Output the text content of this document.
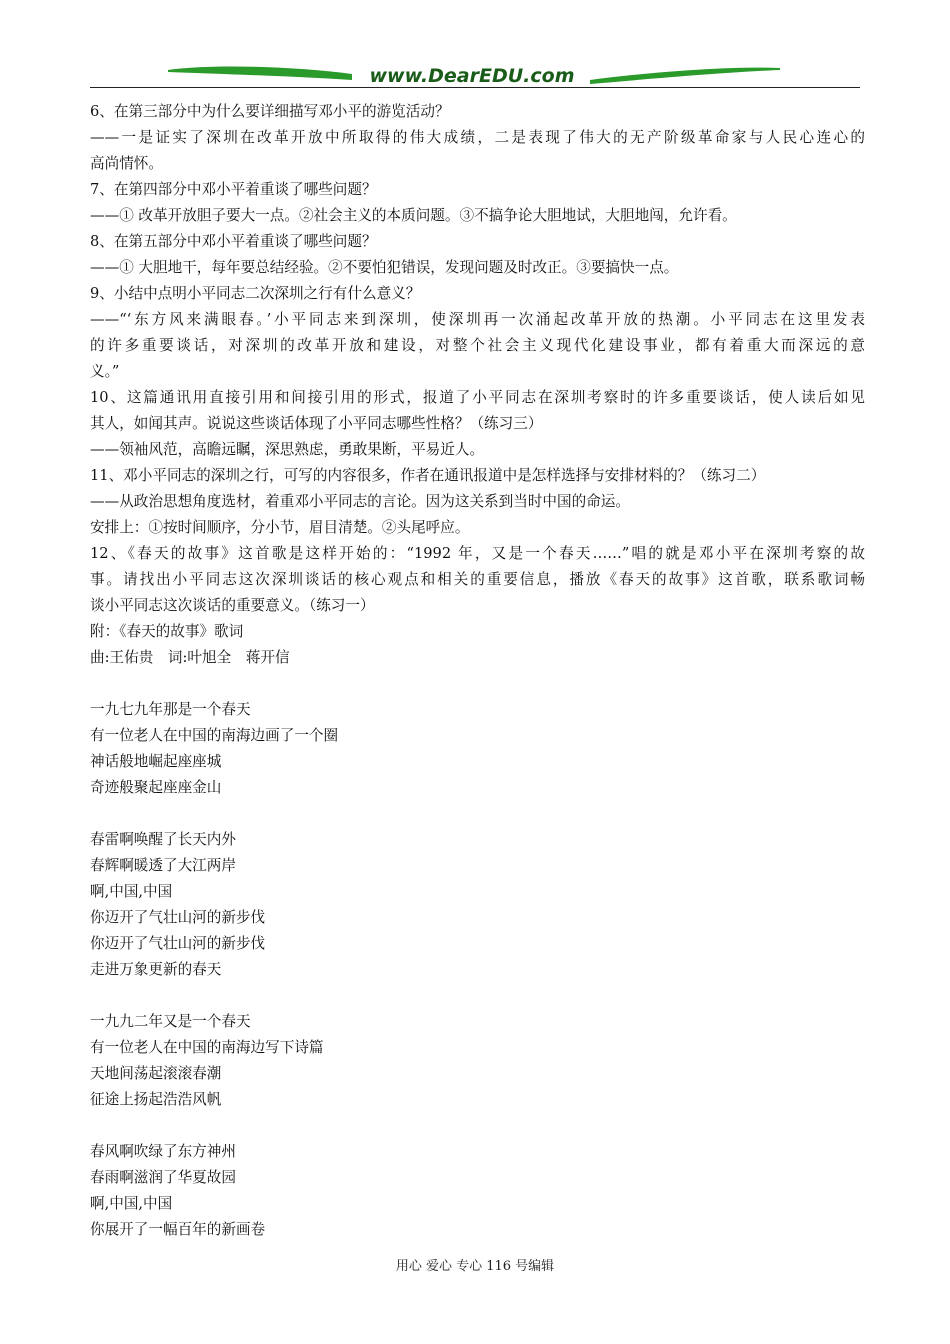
www.DearEDU.com
6、在第三部分中为什么要详细描写邓小平的游览活动？
——一是证实了深圳在改革开放中所取得的伟大成绩，二是表现了伟大的无产阶级革命家与人民心连心的
高尚情怀。
7、在第四部分中邓小平着重谈了哪些问题？
——① 改革开放胆子要大一点。②社会主义的本质问题。③不搞争论大胆地试，大胆地闯，允许看。
8、在第五部分中邓小平着重谈了哪些问题？
——① 大胆地干，每年要总结经验。②不要怕犯错误，发现问题及时改正。③要搞快一点。
9、小结中点明小平同志二次深圳之行有什么意义？
——“‘东方风来满眼春。’小平同志来到深圳，使深圳再一次涌起改革开放的热潮。小平同志在这里发表
的许多重要谈话，对深圳的改革开放和建设，对整个社会主义现代化建设事业，都有着重大而深远的意
义。”
10、这篇通讯用直接引用和间接引用的形式，报道了小平同志在深圳考察时的许多重要谈话，使人读后如见
其人，如闻其声。说说这些谈话体现了小平同志哪些性格？（练习三）
——领袖风范，高瞻远瞩，深思熟虑，勇敢果断，平易近人。
11、邓小平同志的深圳之行，可写的内容很多，作者在通讯报道中是怎样选择与安排材料的？（练习二）
——从政治思想角度选材，着重邓小平同志的言论。因为这关系到当时中国的命运。
安排上：①按时间顺序，分小节，眉目清楚。②头尾呼应。
12、《春天的故事》这首歌是这样开始的：“1992 年，又是一个春天……”唱的就是邓小平在深圳考察的故
事。请找出小平同志这次深圳谈话的核心观点和相关的重要信息，播放《春天的故事》这首歌，联系歌词畅
谈小平同志这次谈话的重要意义。（练习一）
附：《春天的故事》歌词
曲:王佑贵　词:叶旭全　蒋开信
一九七九年那是一个春天
有一位老人在中国的南海边画了一个圈
神话般地崛起座座城
奇迹般聚起座座金山
春雷啊唤醒了长天内外
春辉啊暖透了大江两岸
啊,中国,中国
你迈开了气壮山河的新步伐
你迈开了气壮山河的新步伐
走进万象更新的春天
一九九二年又是一个春天
有一位老人在中国的南海边写下诗篇
天地间荡起滚滚春潮
征途上扬起浩浩风帆
春风啊吹绿了东方神州
春雨啊滋润了华夏故园
啊,中国,中国
你展开了一幅百年的新画卷
用心 爱心 专心 116 号编辑
